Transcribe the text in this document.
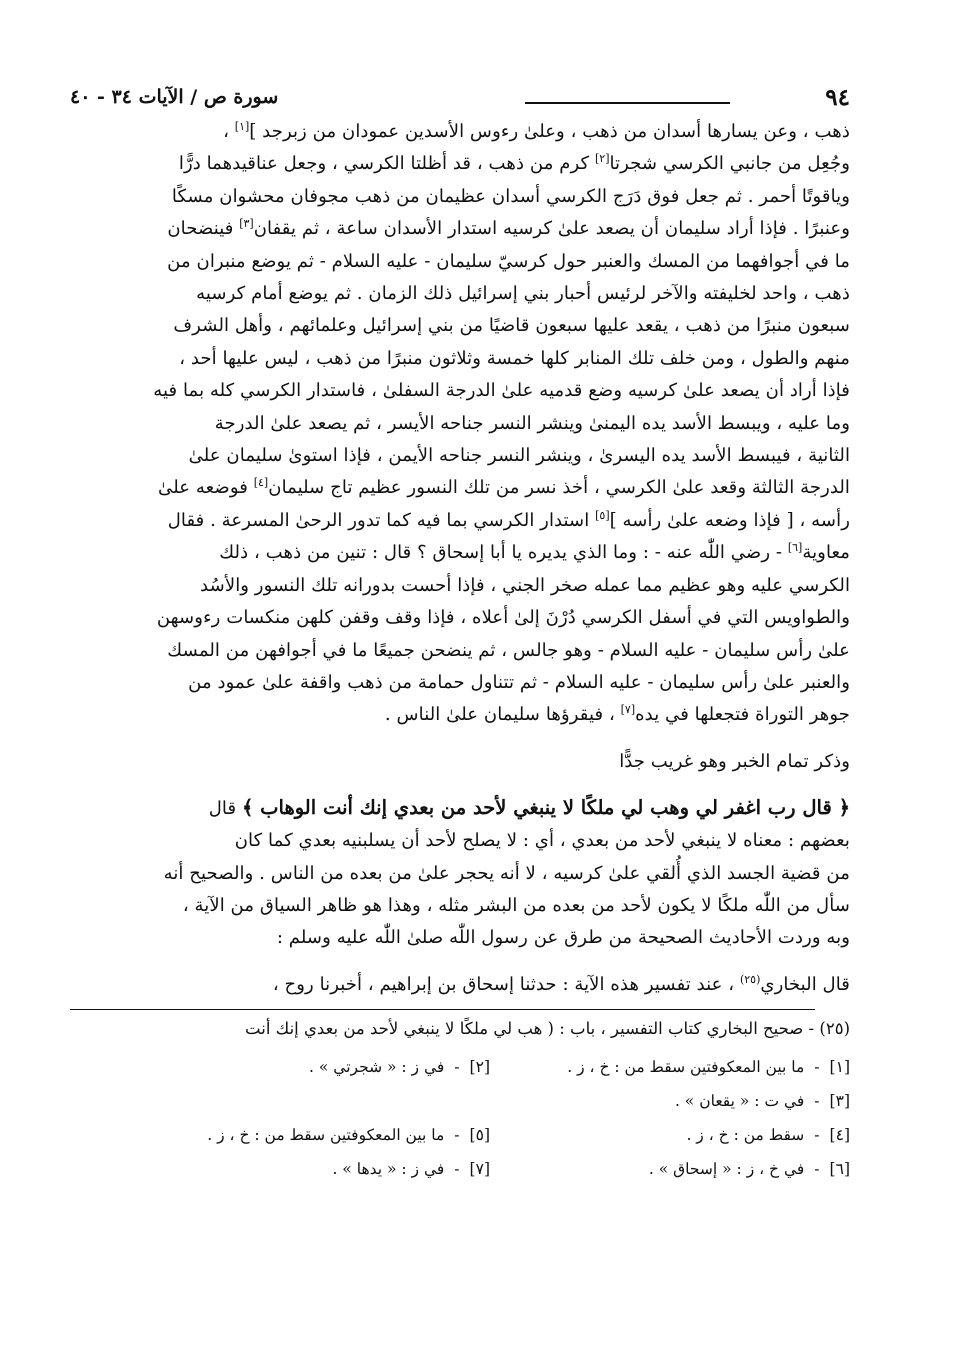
٩٤
سورة ص / الآيات ٣٤ - ٤٠
ذهب ، وعن يسارها أسدان من ذهب ، وعلىٰ رءوس الأسدين عمودان من زبرجد ][١] ،
وجُعِل من جانبي الكرسي شجرتا[٢] كرم من ذهب ، قد أظلتا الكرسي ، وجعل عناقيدهما درًّا
وياقوتًا أحمر . ثم جعل فوق دَرَج الكرسي أسدان عظيمان من ذهب مجوفان محشوان مسكًا
وعنبرًا . فإذا أراد سليمان أن يصعد علىٰ كرسيه استدار الأسدان ساعة ، ثم يقفان[٣] فينضحان
ما في أجوافهما من المسك والعنبر حول كرسيّ سليمان - عليه السلام - ثم يوضع منبران من
ذهب ، واحد لخليفته والآخر لرئيس أحبار بني إسرائيل ذلك الزمان . ثم يوضع أمام كرسيه
سبعون منبرًا من ذهب ، يقعد عليها سبعون قاضيًا من بني إسرائيل وعلمائهم ، وأهل الشرف
منهم والطول ، ومن خلف تلك المنابر كلها خمسة وثلاثون منبرًا من ذهب ، ليس عليها أحد ،
فإذا أراد أن يصعد علىٰ كرسيه وضع قدميه علىٰ الدرجة السفلىٰ ، فاستدار الكرسي كله بما فيه
وما عليه ، ويبسط الأسد يده اليمنىٰ وينشر النسر جناحه الأيسر ، ثم يصعد علىٰ الدرجة
الثانية ، فيبسط الأسد يده اليسرىٰ ، وينشر النسر جناحه الأيمن ، فإذا استوىٰ سليمان علىٰ
الدرجة الثالثة وقعد علىٰ الكرسي ، أخذ نسر من تلك النسور عظيم تاج سليمان[٤] فوضعه علىٰ
رأسه ، [ فإذا وضعه علىٰ رأسه ][٥] استدار الكرسي بما فيه كما تدور الرحىٰ المسرعة . فقال
معاوية[٦] - رضي اللّٰه عنه - : وما الذي يديره يا أبا إسحاق ؟ قال : تنين من ذهب ، ذلك
الكرسي عليه وهو عظيم مما عمله صخر الجني ، فإذا أحست بدورانه تلك النسور والأسُد
والطواويس التي في أسفل الكرسي دُرْنَ إلىٰ أعلاه ، فإذا وقف وقفن كلهن منكسات رءوسهن
علىٰ رأس سليمان - عليه السلام - وهو جالس ، ثم ينضحن جميعًا ما في أجوافهن من المسك
والعنبر علىٰ رأس سليمان - عليه السلام - ثم تتناول حمامة من ذهب واقفة علىٰ عمود من
جوهر التوراة فتجعلها في يده[٧] ، فيقرؤها سليمان علىٰ الناس .
وذكر تمام الخبر وهو غريب جدًّا
﴿ قال رب اغفر لي وهب لي ملكًا لا ينبغي لأحد من بعدي إنك أنت الوهاب ﴾ قال
بعضهم : معناه لا ينبغي لأحد من بعدي ، أي : لا يصلح لأحد أن يسلبنيه بعدي كما كان
من قضية الجسد الذي أُلقي علىٰ كرسيه ، لا أنه يحجر علىٰ من بعده من الناس . والصحيح أنه
سأل من اللّٰه ملكًا لا يكون لأحد من بعده من البشر مثله ، وهذا هو ظاهر السياق من الآية ،
وبه وردت الأحاديث الصحيحة من طرق عن رسول اللّٰه صلىٰ اللّٰه عليه وسلم :
قال البخاري$^{(٢٥)}$ ، عند تفسير هذه الآية : حدثنا إسحاق بن إبراهيم ، أخبرنا روح ،
(٢٥) - صحيح البخاري كتاب التفسير ، باب : ( هب لي ملكًا لا ينبغي لأحد من بعدي إنك أنت
[١]
-
ما بين المعكوفتين سقط من : خ ، ز .
[٢]
-
في ز : « شجرتي » .
[٣]
-
في ت : « يقعان » .
[٤]
-
سقط من : خ ، ز .
[٥]
-
ما بين المعكوفتين سقط من : خ ، ز .
[٦]
-
في خ ، ز : « إسحاق » .
[٧]
-
في ز : « يدها » .
